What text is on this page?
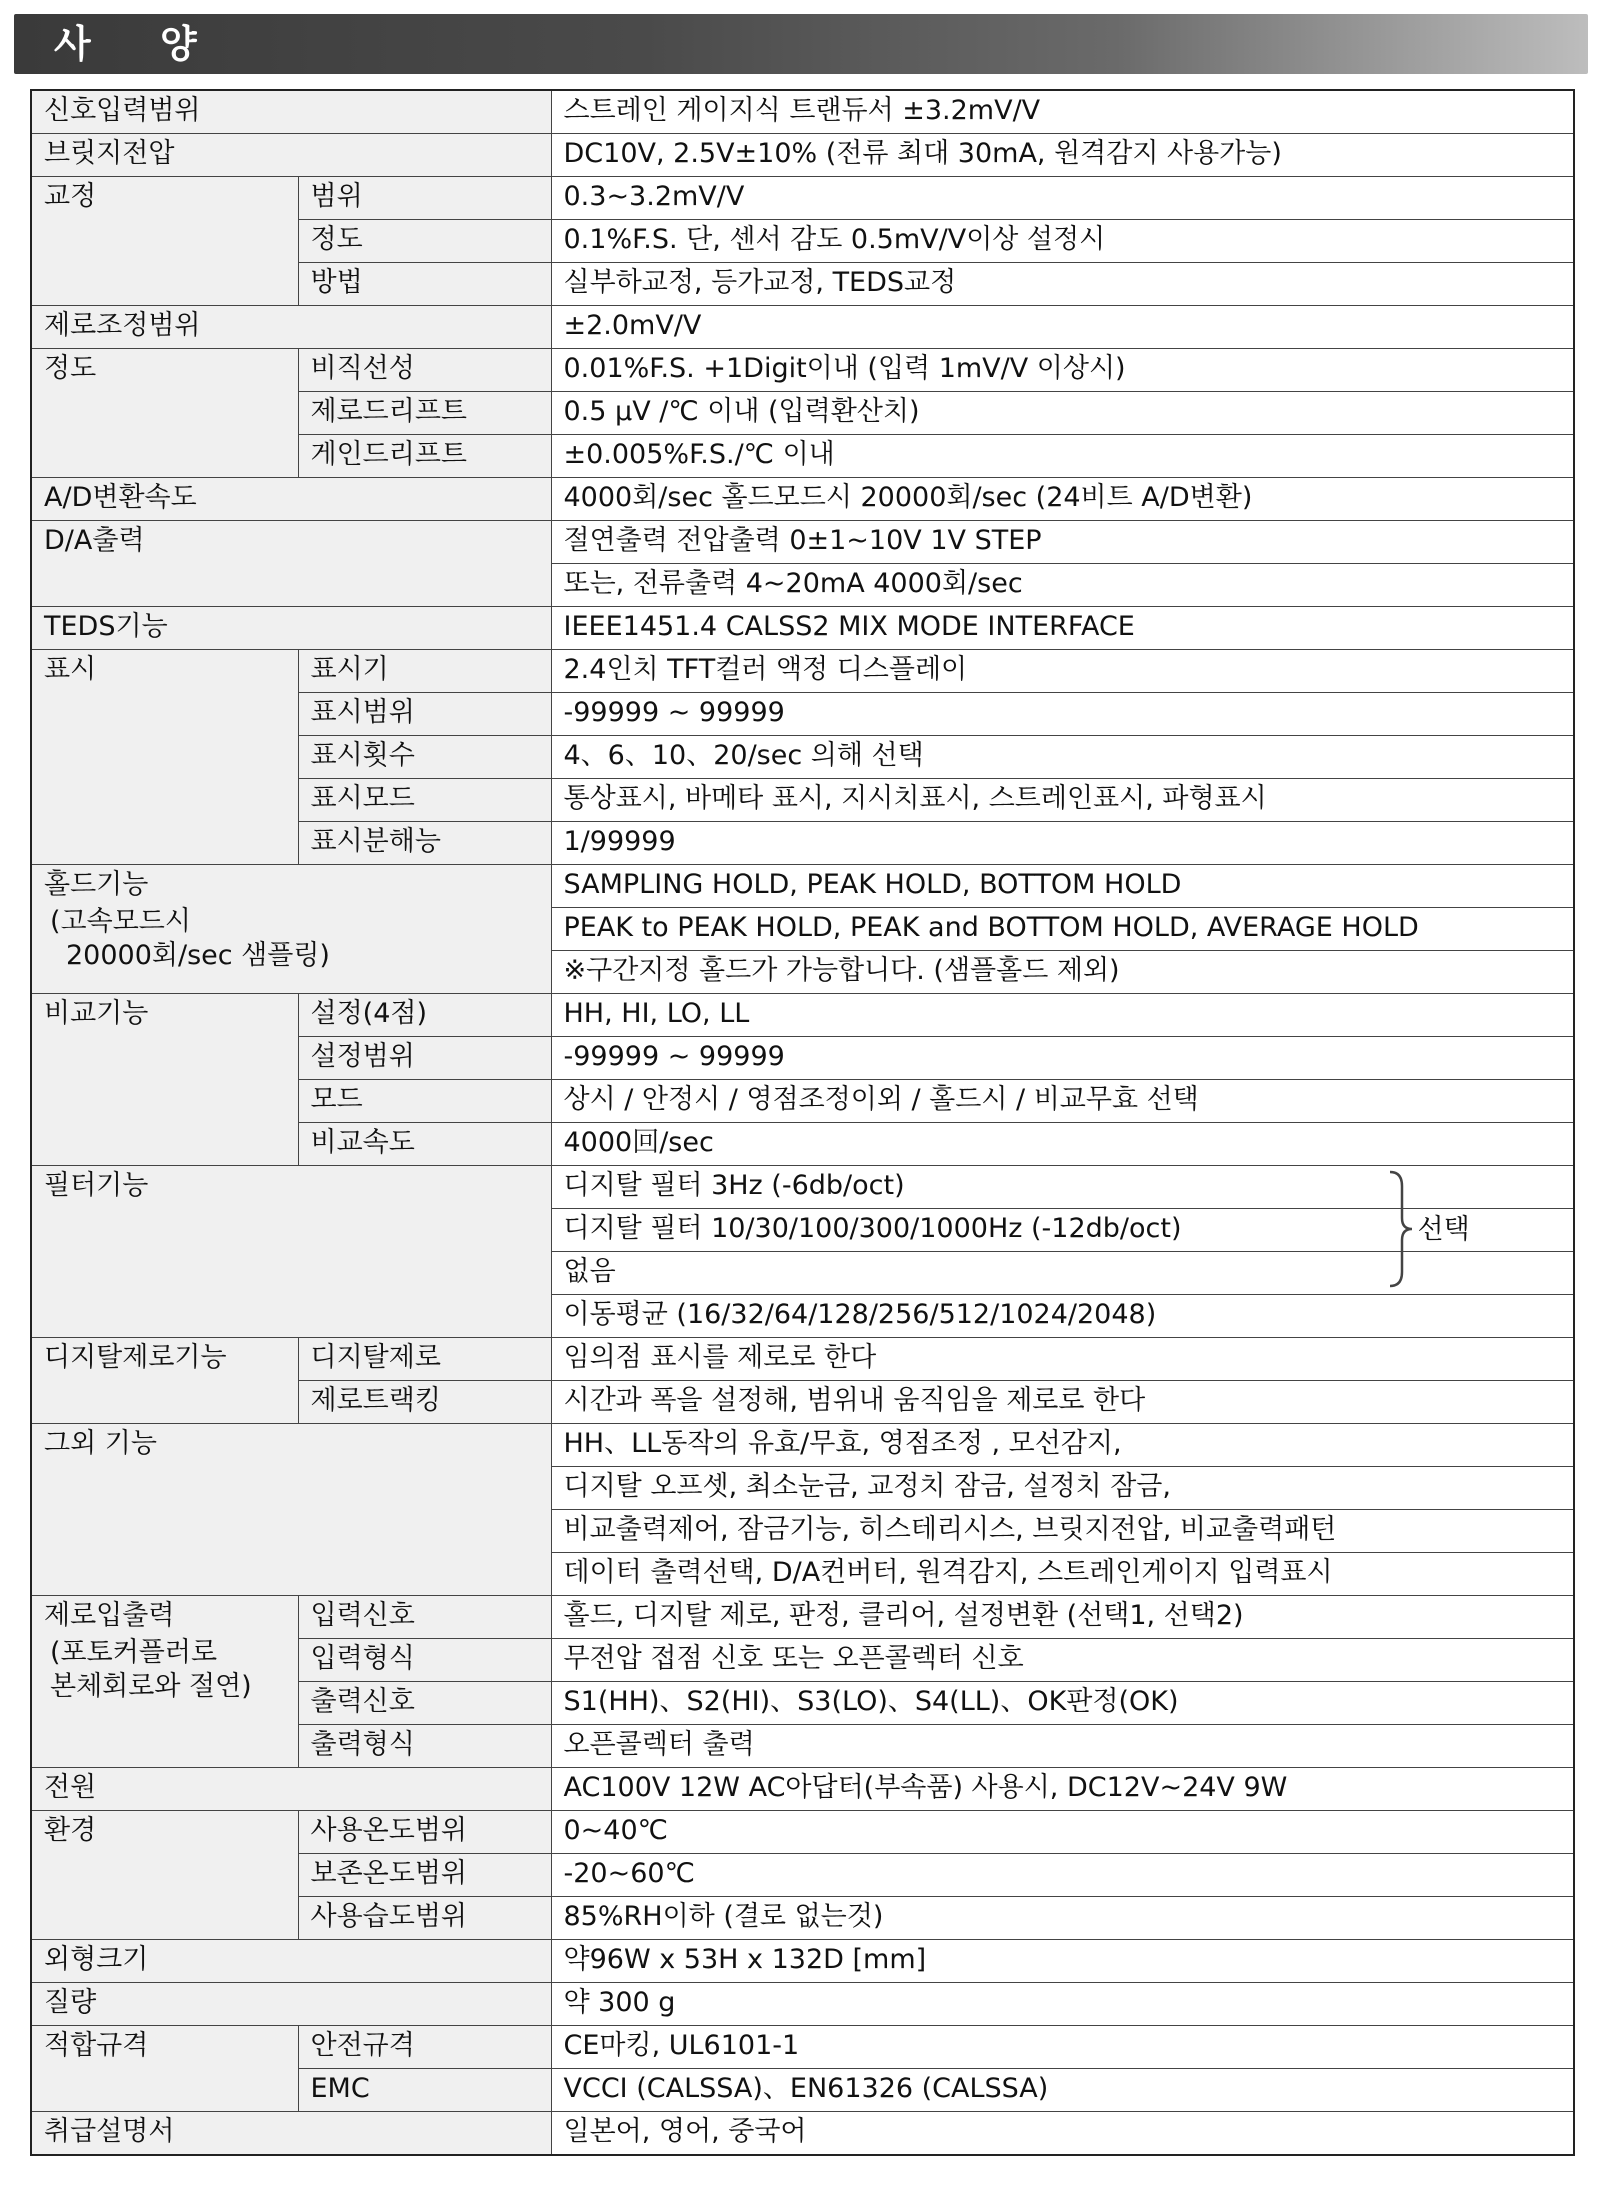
사 양
신호입력범위		스트레인 게이지식 트랜듀서 ±3.2mV/V
브릿지전압		DC10V, 2.5V±10% (전류 최대 30mA, 원격감지 사용가능)
교정	범위	0.3~3.2mV/V
	정도	0.1%F.S. 단, 센서 감도 0.5mV/V이상 설정시
	방법	실부하교정, 등가교정, TEDS교정
제로조정범위		±2.0mV/V
정도	비직선성	0.01%F.S. +1Digit이내 (입력 1mV/V 이상시)
	제로드리프트	0.5 μV /℃ 이내 (입력환산치)
	게인드리프트	±0.005%F.S./℃ 이내
A/D변환속도		4000회/sec 홀드모드시 20000회/sec (24비트 A/D변환)
D/A출력		절연출력 전압출력 0±1~10V 1V STEP
		또는, 전류출력 4~20mA 4000회/sec
TEDS기능		IEEE1451.4 CALSS2 MIX MODE INTERFACE
표시	표시기	2.4인치 TFT컬러 액정 디스플레이
	표시범위	-99999 ~ 99999
	표시횟수	4、6、10、20/sec 의해 선택
	표시모드	통상표시, 바메타 표시, 지시치표시, 스트레인표시, 파형표시
	표시분해능	1/99999

홀드기능
(고속모드시
20000회/sec 샘플링)		SAMPLING HOLD, PEAK HOLD, BOTTOM HOLD
		PEAK to PEAK HOLD, PEAK and BOTTOM HOLD, AVERAGE HOLD
		※구간지정 홀드가 가능합니다. (샘플홀드 제외)
비교기능	설정(4점)	HH, HI, LO, LL
	설정범위	-99999 ~ 99999
	모드	상시 / 안정시 / 영점조정이외 / 홀드시 / 비교무효 선택
	비교속도	4000回/sec
필터기능		디지탈 필터 3Hz (-6db/oct)
선택

		디지탈 필터 10/30/100/300/1000Hz (-12db/oct)
		없음
		이동평균 (16/32/64/128/256/512/1024/2048)
디지탈제로기능	디지탈제로	임의점 표시를 제로로 한다
	제로트랙킹	시간과 폭을 설정해, 범위내 움직임을 제로로 한다
그외 기능		HH、LL동작의 유효/무효, 영점조정 , 모선감지,
		디지탈 오프셋, 최소눈금, 교정치 잠금, 설정치 잠금,
		비교출력제어, 잠금기능, 히스테리시스, 브릿지전압, 비교출력패턴
		데이터 출력선택, D/A컨버터, 원격감지, 스트레인게이지 입력표시

제로입출력
(포토커플러로
본체회로와 절연)	입력신호	홀드, 디지탈 제로, 판정, 클리어, 설정변환 (선택1, 선택2)
	입력형식	무전압 접점 신호 또는 오픈콜렉터 신호
	출력신호	S1(HH)、S2(HI)、S3(LO)、S4(LL)、OK판정(OK)
	출력형식	오픈콜렉터 출력
전원		AC100V 12W AC아답터(부속품) 사용시, DC12V~24V 9W
환경	사용온도범위	0~40℃
	보존온도범위	-20~60℃
	사용습도범위	85%RH이하 (결로 없는것)
외형크기		약96W x 53H x 132D [mm]
질량		약 300 g
적합규격	안전규격	CE마킹, UL6101-1
	EMC	VCCI (CALSSA)、EN61326 (CALSSA)
취급설명서		일본어, 영어, 중국어
